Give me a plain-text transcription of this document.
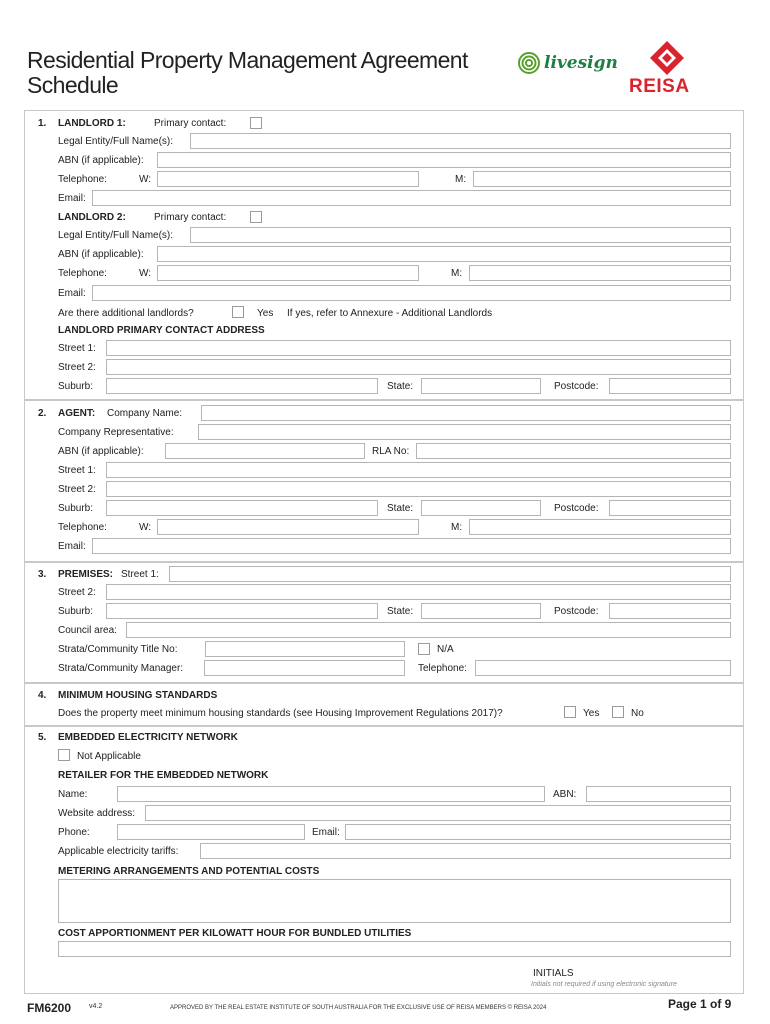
Residential Property Management Agreement
Schedule
livesign
REISA
1. LANDLORD 1:	Primary contact:
Legal Entity/Full Name(s):
ABN (if applicable):
Telephone:	W:	M:
Email:
LANDLORD 2:	Primary contact:
Legal Entity/Full Name(s):
ABN (if applicable):
Telephone:	W:	M:
Email:
Are there additional landlords?	Yes If yes, refer to Annexure - Additional Landlords
LANDLORD PRIMARY CONTACT ADDRESS
Street 1:
Street 2:
Suburb:	State:	Postcode:
2. AGENT: Company Name:
Company Representative:
ABN (if applicable):	RLA No:
Street 1:
Street 2:
Suburb:	State:	Postcode:
Telephone:	W:	M:
Email:
3. PREMISES: Street 1:
Street 2:
Suburb:	State:	Postcode:
Council area:
Strata/Community Title No:	N/A
Strata/Community Manager:	Telephone:
4. MINIMUM HOUSING STANDARDS
Does the property meet minimum housing standards (see Housing Improvement Regulations 2017)?	Yes	No
5. EMBEDDED ELECTRICITY NETWORK
Not Applicable
RETAILER FOR THE EMBEDDED NETWORK
Name:	ABN:
Website address:
Phone:	Email:
Applicable electricity tariffs:
METERING ARRANGEMENTS AND POTENTIAL COSTS
COST APPORTIONMENT PER KILOWATT HOUR FOR BUNDLED UTILITIES
INITIALS
Initials not required if using electronic signature
FM6200	v4.2	APPROVED BY THE REAL ESTATE INSTITUTE OF SOUTH AUSTRALIA FOR THE EXCLUSIVE USE OF REISA MEMBERS © REISA 2024	Page 1 of 9
